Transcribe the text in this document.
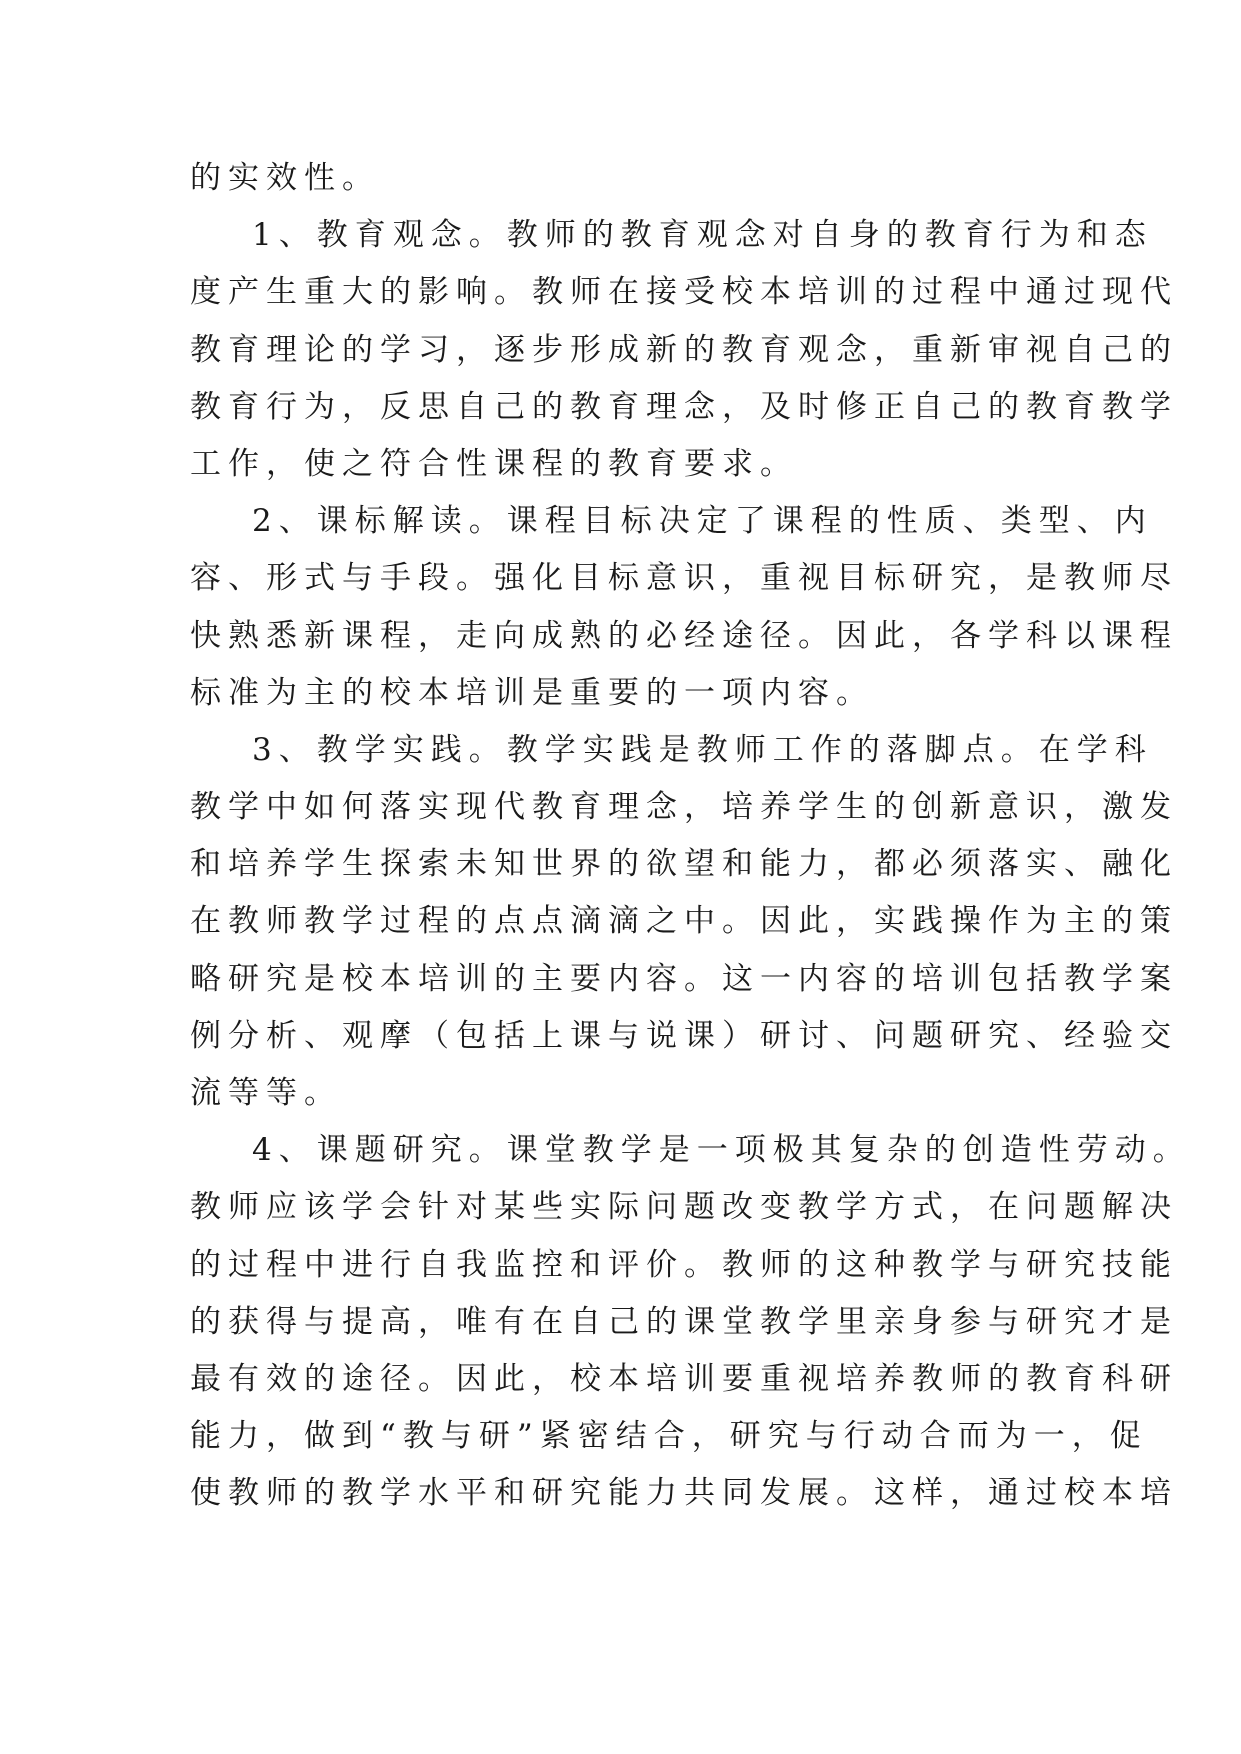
的实效性。
1、教育观念。教师的教育观念对自身的教育行为和态
度产生重大的影响。教师在接受校本培训的过程中通过现代
教育理论的学习，逐步形成新的教育观念，重新审视自己的
教育行为，反思自己的教育理念，及时修正自己的教育教学
工作，使之符合性课程的教育要求。
2、课标解读。课程目标决定了课程的性质、类型、内
容、形式与手段。强化目标意识，重视目标研究，是教师尽
快熟悉新课程，走向成熟的必经途径。因此，各学科以课程
标准为主的校本培训是重要的一项内容。
3、教学实践。教学实践是教师工作的落脚点。在学科
教学中如何落实现代教育理念，培养学生的创新意识，激发
和培养学生探索未知世界的欲望和能力，都必须落实、融化
在教师教学过程的点点滴滴之中。因此，实践操作为主的策
略研究是校本培训的主要内容。这一内容的培训包括教学案
例分析、观摩（包括上课与说课）研讨、问题研究、经验交
流等等。
4、课题研究。课堂教学是一项极其复杂的创造性劳动。
教师应该学会针对某些实际问题改变教学方式，在问题解决
的过程中进行自我监控和评价。教师的这种教学与研究技能
的获得与提高，唯有在自己的课堂教学里亲身参与研究才是
最有效的途径。因此，校本培训要重视培养教师的教育科研
能力，做到“教与研”紧密结合，研究与行动合而为一，促
使教师的教学水平和研究能力共同发展。这样，通过校本培
